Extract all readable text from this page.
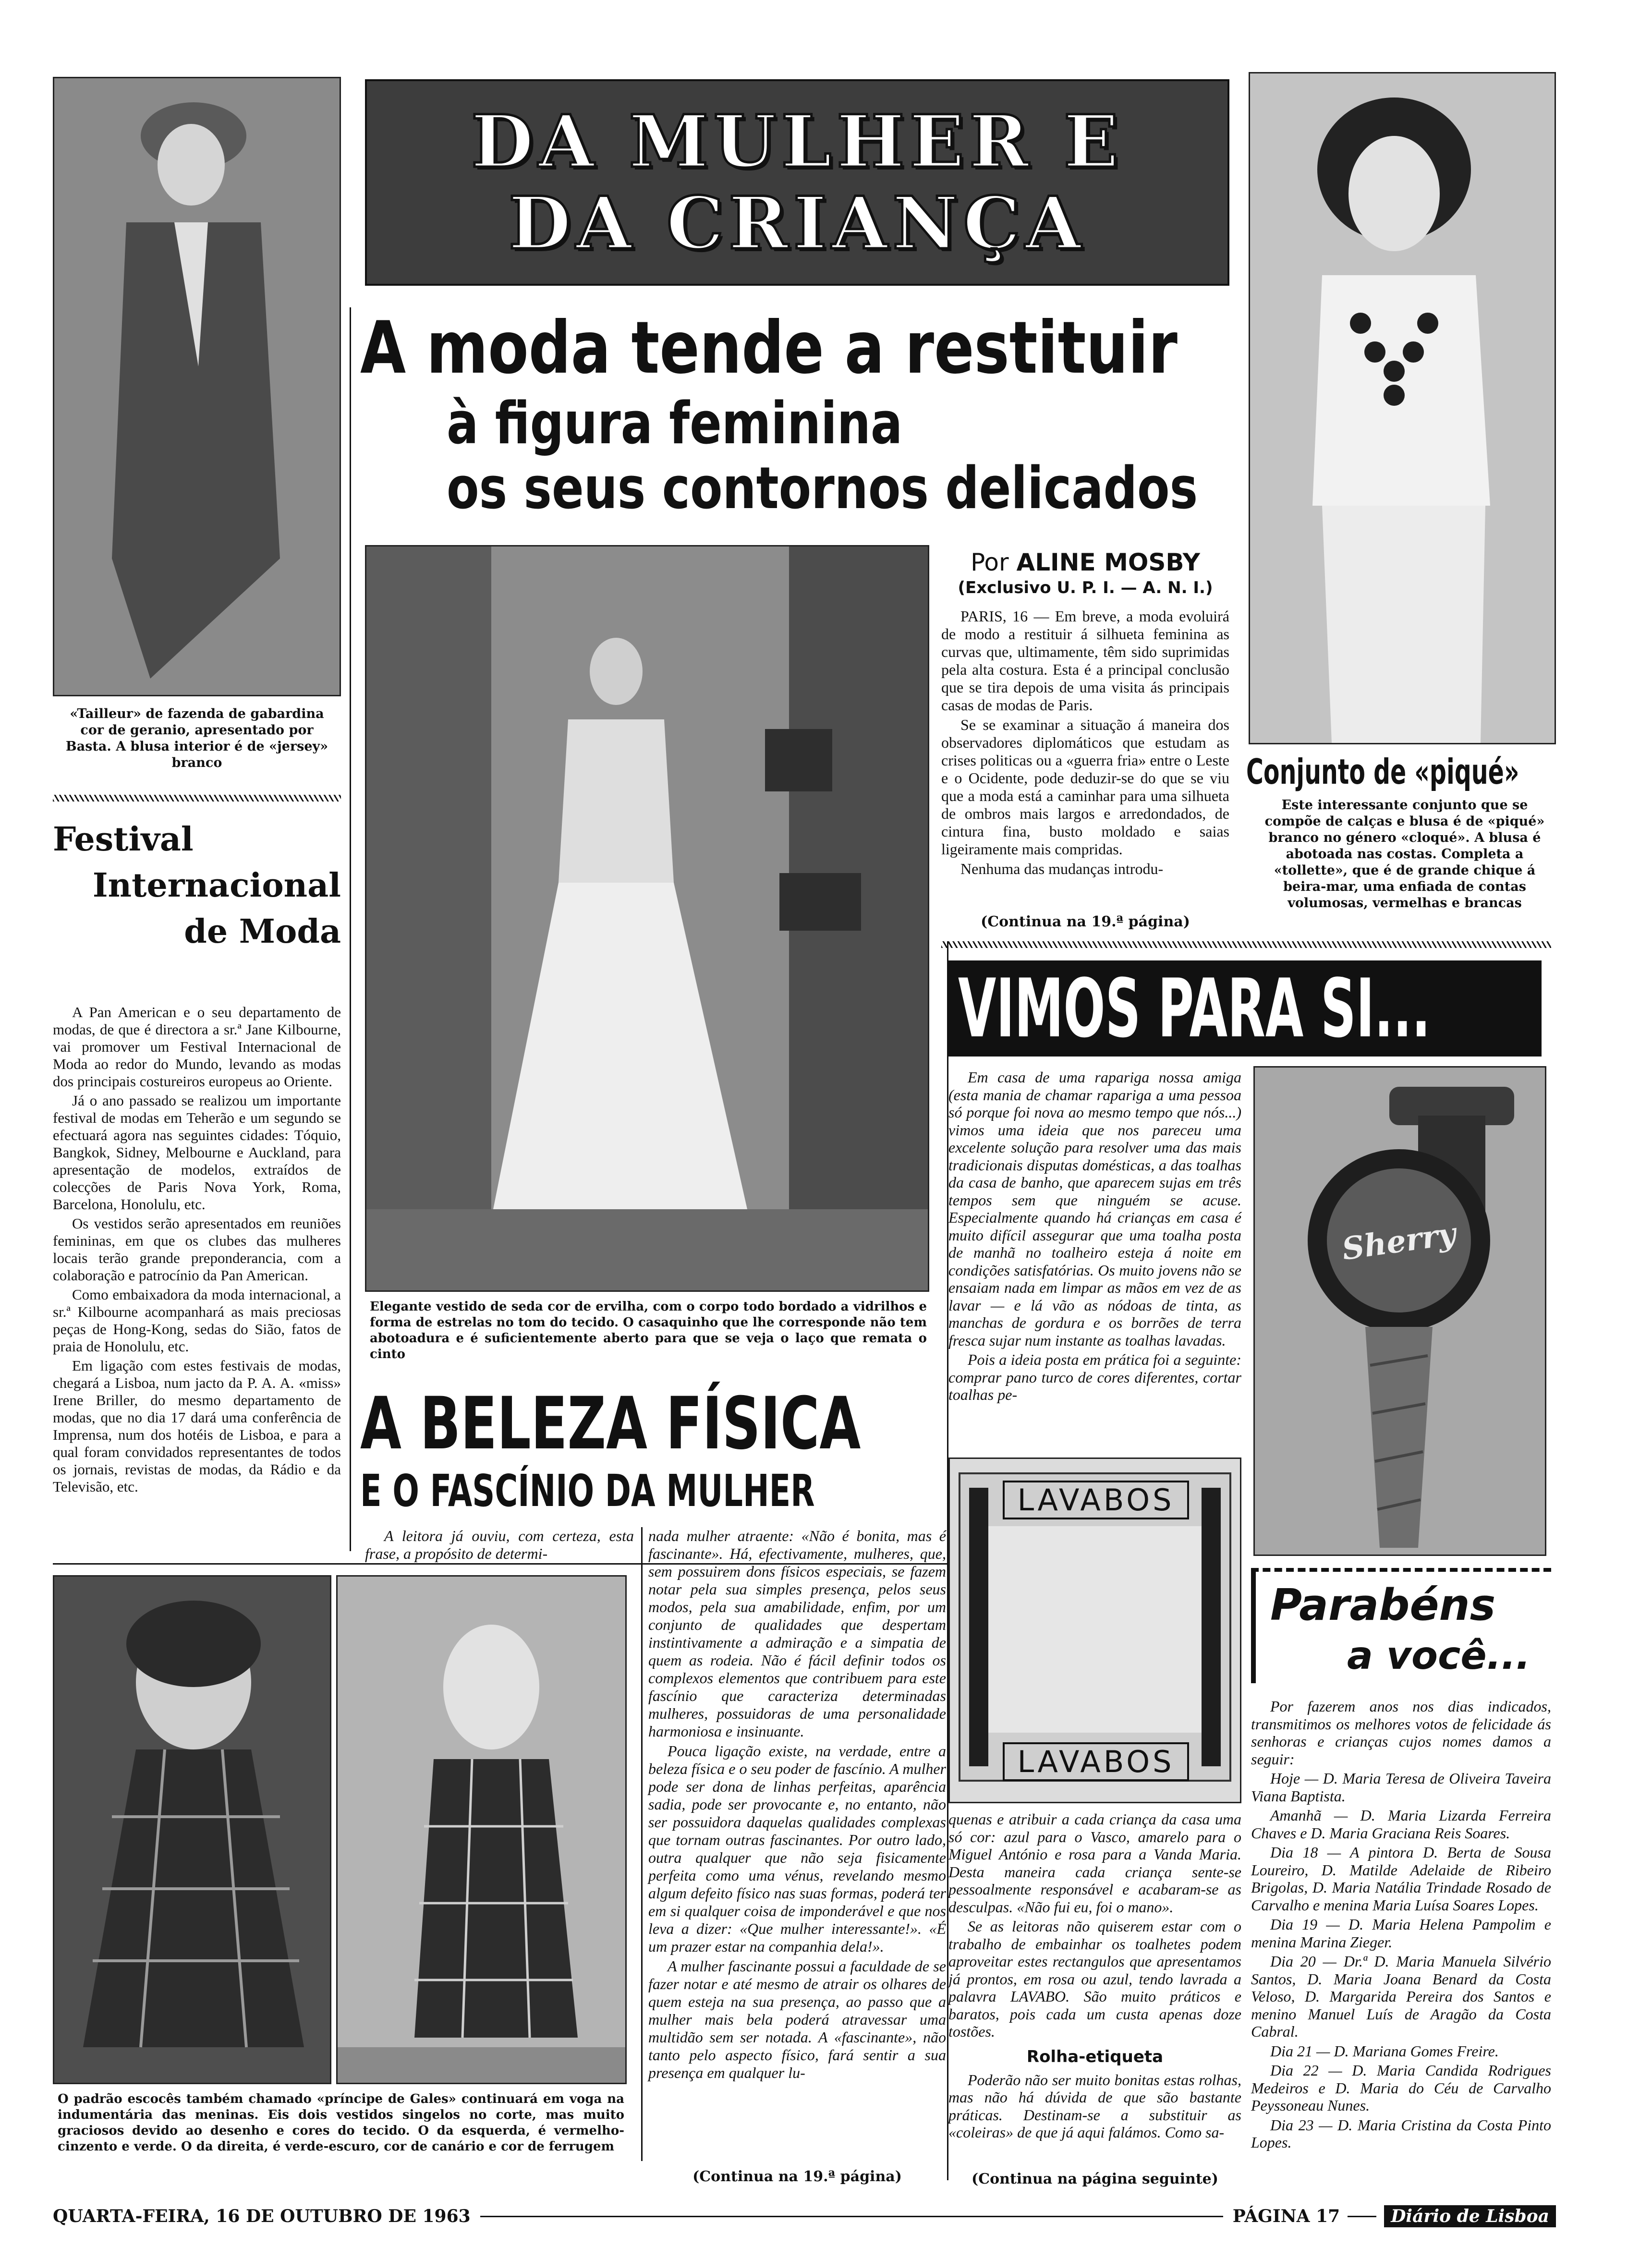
«Tailleur» de fazenda de gabardina cor de geranio, apresentado por Basta. A blusa interior é de «jersey» branco
Festival
Internacional
de Moda

A Pan American e o seu departamento de modas, de que é directora a sr.ª Jane Kilbourne, vai promover um Festival Internacional de Moda ao redor do Mundo, levando as modas dos principais costureiros europeus ao Oriente.

Já o ano passado se realizou um importante festival de modas em Teherão e um segundo se efectuará agora nas seguintes cidades: Tóquio, Bangkok, Sidney, Melbourne e Auckland, para apresentação de modelos, extraídos de colecções de Paris Nova York, Roma, Barcelona, Honolulu, etc.

Os vestidos serão apresentados em reuniões femininas, em que os clubes das mulheres locais terão grande preponderancia, com a colaboração e patrocínio da Pan American.

Como embaixadora da moda internacional, a sr.ª Kilbourne acompanhará as mais preciosas peças de Hong-Kong, sedas do Sião, fatos de praia de Honolulu, etc.

Em ligação com estes festivais de modas, chegará a Lisboa, num jacto da P. A. A. «miss» Irene Briller, do mesmo departamento de modas, que no dia 17 dará uma conferência de Imprensa, num dos hotéis de Lisboa, e para a qual foram convidados representantes de todos os jornais, revistas de modas, da Rádio e da Televisão, etc.

DA MULHER E
DA CRIANÇA
A moda tende a restituir
à figura feminina
os seus contornos delicados
Por ALINE MOSBY
(Exclusivo U. P. I. — A. N. I.)

PARIS, 16 — Em breve, a moda evoluirá de modo a restituir á silhueta feminina as curvas que, ultimamente, têm sido suprimidas pela alta costura. Esta é a principal conclusão que se tira depois de uma visita ás principais casas de modas de Paris.

Se se examinar a situação á maneira dos observadores diplomáticos que estudam as crises politicas ou a «guerra fria» entre o Leste e o Ocidente, pode deduzir-se do que se viu que a moda está a caminhar para uma silhueta de ombros mais largos e arredondados, de cintura fina, busto moldado e saias ligeiramente mais compridas.

Nenhuma das mudanças introdu-

(Continua na 19.ª página)
Elegante vestido de seda cor de ervilha, com o corpo todo bordado a vidrilhos e forma de estrelas no tom do tecido. O casaquinho que lhe corresponde não tem abotoadura e é suficientemente aberto para que se veja o laço que remata o cinto
A BELEZA FÍSICA
E O FASCÍNIO DA MULHER

A leitora já ouviu, com certeza, esta frase, a propósito de determi-

O padrão escocês também chamado «príncipe de Gales» continuará em voga na indumentária das meninas. Eis dois vestidos singelos no corte, mas muito graciosos devido ao desenho e cores do tecido. O da esquerda, é vermelho-cinzento e verde. O da direita, é verde-escuro, cor de canário e cor de ferrugem

nada mulher atraente: «Não é bonita, mas é fascinante». Há, efectivamente, mulheres, que, sem possuirem dons físicos especiais, se fazem notar pela sua simples presença, pelos seus modos, pela sua amabilidade, enfim, por um conjunto de qualidades que despertam instintivamente a admiração e a simpatia de quem as rodeia. Não é fácil definir todos os complexos elementos que contribuem para este fascínio que caracteriza determinadas mulheres, possuidoras de uma personalidade harmoniosa e insinuante.

Pouca ligação existe, na verdade, entre a beleza física e o seu poder de fascínio. A mulher pode ser dona de linhas perfeitas, aparência sadia, pode ser provocante e, no entanto, não ser possuidora daquelas qualidades complexas que tornam outras fascinantes. Por outro lado, outra qualquer que não seja fisicamente perfeita como uma vénus, revelando mesmo algum defeito físico nas suas formas, poderá ter em si qualquer coisa de imponderável e que nos leva a dizer: «Que mulher interessante!». «É um prazer estar na companhia dela!».

A mulher fascinante possui a faculdade de se fazer notar e até mesmo de atrair os olhares de quem esteja na sua presença, ao passo que a mulher mais bela poderá atravessar uma multidão sem ser notada. A «fascinante», não tanto pelo aspecto físico, fará sentir a sua presença em qualquer lu-

(Continua na 19.ª página)
VIMOS PARA SI...

Em casa de uma rapariga nossa amiga (esta mania de chamar rapariga a uma pessoa só porque foi nova ao mesmo tempo que nós...) vimos uma ideia que nos pareceu uma excelente solução para resolver uma das mais tradicionais disputas domésticas, a das toalhas da casa de banho, que aparecem sujas em três tempos sem que ninguém se acuse. Especialmente quando há crianças em casa é muito difícil assegurar que uma toalha posta de manhã no toalheiro esteja á noite em condições satisfatórias. Os muito jovens não se ensaiam nada em limpar as mãos em vez de as lavar — e lá vão as nódoas de tinta, as manchas de gordura e os borrões de terra fresca sujar num instante as toalhas lavadas.

Pois a ideia posta em prática foi a seguinte: comprar pano turco de cores diferentes, cortar toalhas pe-

Sherry
LAVABOS
LAVABOS

quenas e atribuir a cada criança da casa uma só cor: azul para o Vasco, amarelo para o Miguel António e rosa para a Vanda Maria. Desta maneira cada criança sente-se pessoalmente responsável e acabaram-se as desculpas. «Não fui eu, foi o mano».

Se as leitoras não quiserem estar com o trabalho de embainhar os toalhetes podem aproveitar estes rectangulos que apresentamos já prontos, em rosa ou azul, tendo lavrada a palavra LAVABO. São muito práticos e baratos, pois cada um custa apenas doze tostões.

Rolha-etiqueta

Poderão não ser muito bonitas estas rolhas, mas não há dúvida de que são bastante práticas. Destinam-se a substituir as «coleiras» de que já aqui falámos. Como sa-

(Continua na página seguinte)
Conjunto de «piqué»
Este interessante conjunto que se compõe de calças e blusa é de «piqué» branco no género «cloqué». A blusa é abotoada nas costas. Completa a «tollette», que é de grande chique á beira-mar, uma enfiada de contas volumosas, vermelhas e brancas
Parabéns
a você...

Por fazerem anos nos dias indicados, transmitimos os melhores votos de felicidade ás senhoras e crianças cujos nomes damos a seguir:

Hoje — D. Maria Teresa de Oliveira Taveira Viana Baptista.

Amanhã — D. Maria Lizarda Ferreira Chaves e D. Maria Graciana Reis Soares.

Dia 18 — A pintora D. Berta de Sousa Loureiro, D. Matilde Adelaide de Ribeiro Brigolas, D. Maria Natália Trindade Rosado de Carvalho e menina Maria Luísa Soares Lopes.

Dia 19 — D. Maria Helena Pampolim e menina Marina Zieger.

Dia 20 — Dr.ª D. Maria Manuela Silvério Santos, D. Maria Joana Benard da Costa Veloso, D. Margarida Pereira dos Santos e menino Manuel Luís de Aragão da Costa Cabral.

Dia 21 — D. Mariana Gomes Freire.

Dia 22 — D. Maria Candida Rodrigues Medeiros e D. Maria do Céu de Carvalho Peyssoneau Nunes.

Dia 23 — D. Maria Cristina da Costa Pinto Lopes.

QUARTA-FEIRA, 16 DE OUTUBRO DE 1963	PÁGINA 17	Diário de Lisboa
